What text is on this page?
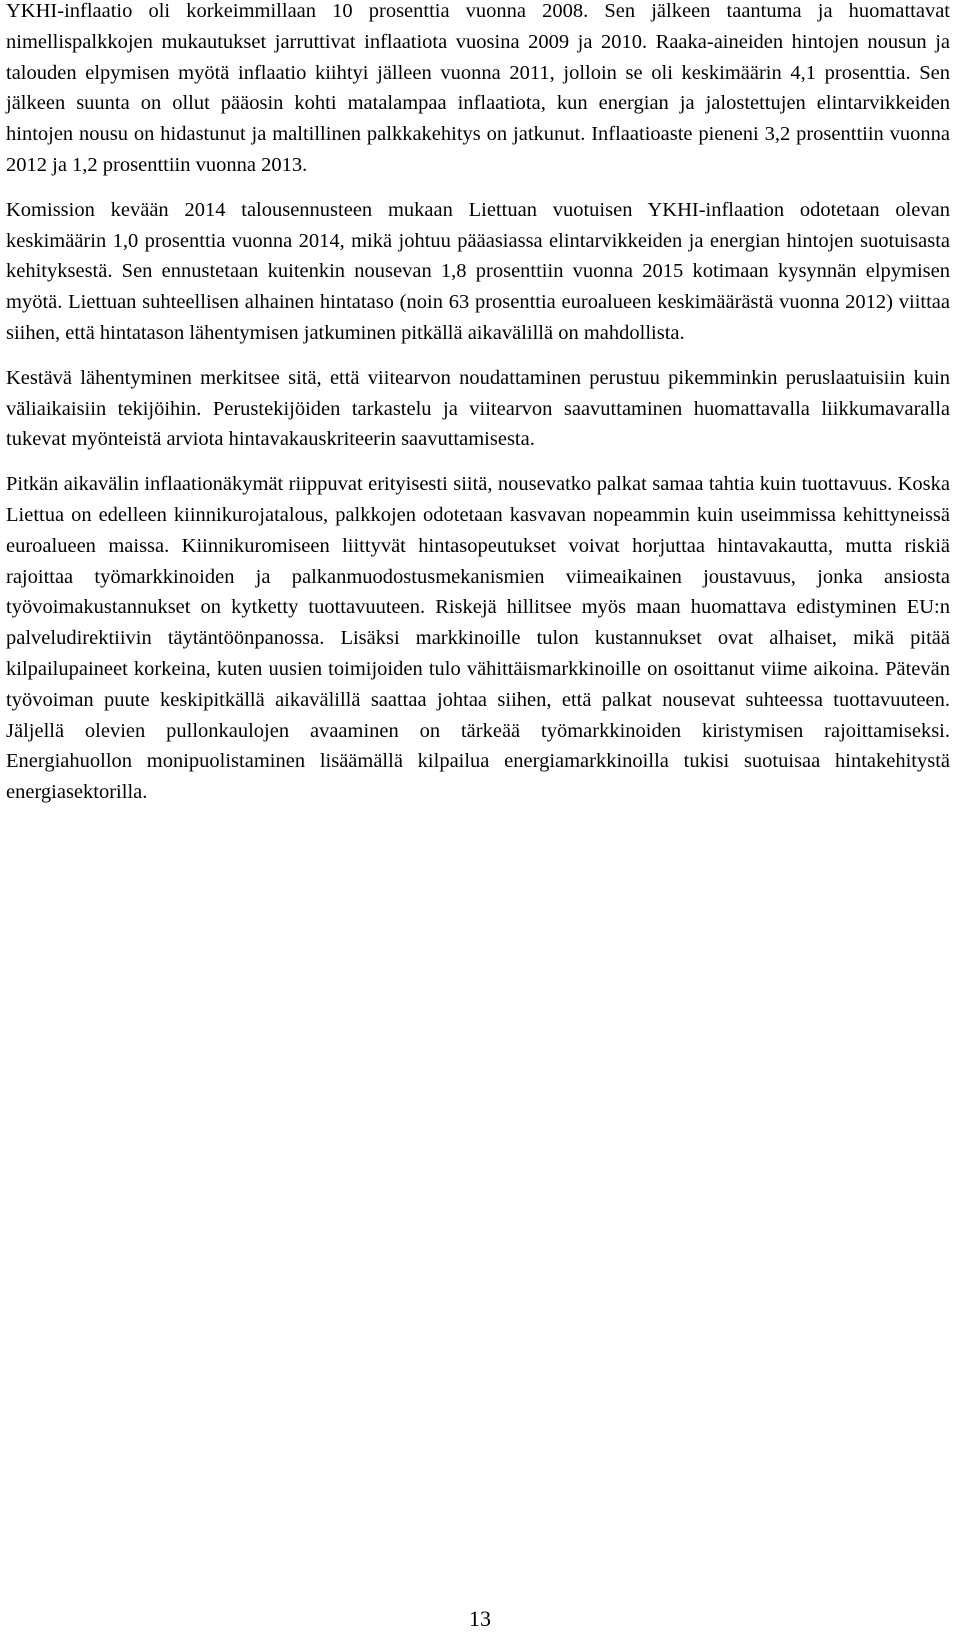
YKHI-inflaatio oli korkeimmillaan 10 prosenttia vuonna 2008. Sen jälkeen taantuma ja huomattavat nimellispalkkojen mukautukset jarruttivat inflaatiota vuosina 2009 ja 2010. Raaka-aineiden hintojen nousun ja talouden elpymisen myötä inflaatio kiihtyi jälleen vuonna 2011, jolloin se oli keskimäärin 4,1 prosenttia. Sen jälkeen suunta on ollut pääosin kohti matalampaa inflaatiota, kun energian ja jalostettujen elintarvikkeiden hintojen nousu on hidastunut ja maltillinen palkkakehitys on jatkunut. Inflaatioaste pieneni 3,2 prosenttiin vuonna 2012 ja 1,2 prosenttiin vuonna 2013.

Komission kevään 2014 talousennusteen mukaan Liettuan vuotuisen YKHI-inflaation odotetaan olevan keskimäärin 1,0 prosenttia vuonna 2014, mikä johtuu pääasiassa elintarvikkeiden ja energian hintojen suotuisasta kehityksestä. Sen ennustetaan kuitenkin nousevan 1,8 prosenttiin vuonna 2015 kotimaan kysynnän elpymisen myötä. Liettuan suhteellisen alhainen hintataso (noin 63 prosenttia euroalueen keskimäärästä vuonna 2012) viittaa siihen, että hintatason lähentymisen jatkuminen pitkällä aikavälillä on mahdollista.

Kestävä lähentyminen merkitsee sitä, että viitearvon noudattaminen perustuu pikemminkin peruslaatuisiin kuin väliaikaisiin tekijöihin. Perustekijöiden tarkastelu ja viitearvon saavuttaminen huomattavalla liikkumavaralla tukevat myönteistä arviota hintavakauskriteerin saavuttamisesta.

Pitkän aikavälin inflaationäkymät riippuvat erityisesti siitä, nousevatko palkat samaa tahtia kuin tuottavuus. Koska Liettua on edelleen kiinnikurojatalous, palkkojen odotetaan kasvavan nopeammin kuin useimmissa kehittyneissä euroalueen maissa. Kiinnikuromiseen liittyvät hintasopeutukset voivat horjuttaa hintavakautta, mutta riskiä rajoittaa työmarkkinoiden ja palkanmuodostusmekanismien viimeaikainen joustavuus, jonka ansiosta työvoimakustannukset on kytketty tuottavuuteen. Riskejä hillitsee myös maan huomattava edistyminen EU:n palveludirektiivin täytäntöönpanossa. Lisäksi markkinoille tulon kustannukset ovat alhaiset, mikä pitää kilpailupaineet korkeina, kuten uusien toimijoiden tulo vähittäismarkkinoille on osoittanut viime aikoina. Pätevän työvoiman puute keskipitkällä aikavälillä saattaa johtaa siihen, että palkat nousevat suhteessa tuottavuuteen. Jäljellä olevien pullonkaulojen avaaminen on tärkeää työmarkkinoiden kiristymisen rajoittamiseksi. Energiahuollon monipuolistaminen lisäämällä kilpailua energiamarkkinoilla tukisi suotuisaa hintakehitystä energiasektorilla.

13
